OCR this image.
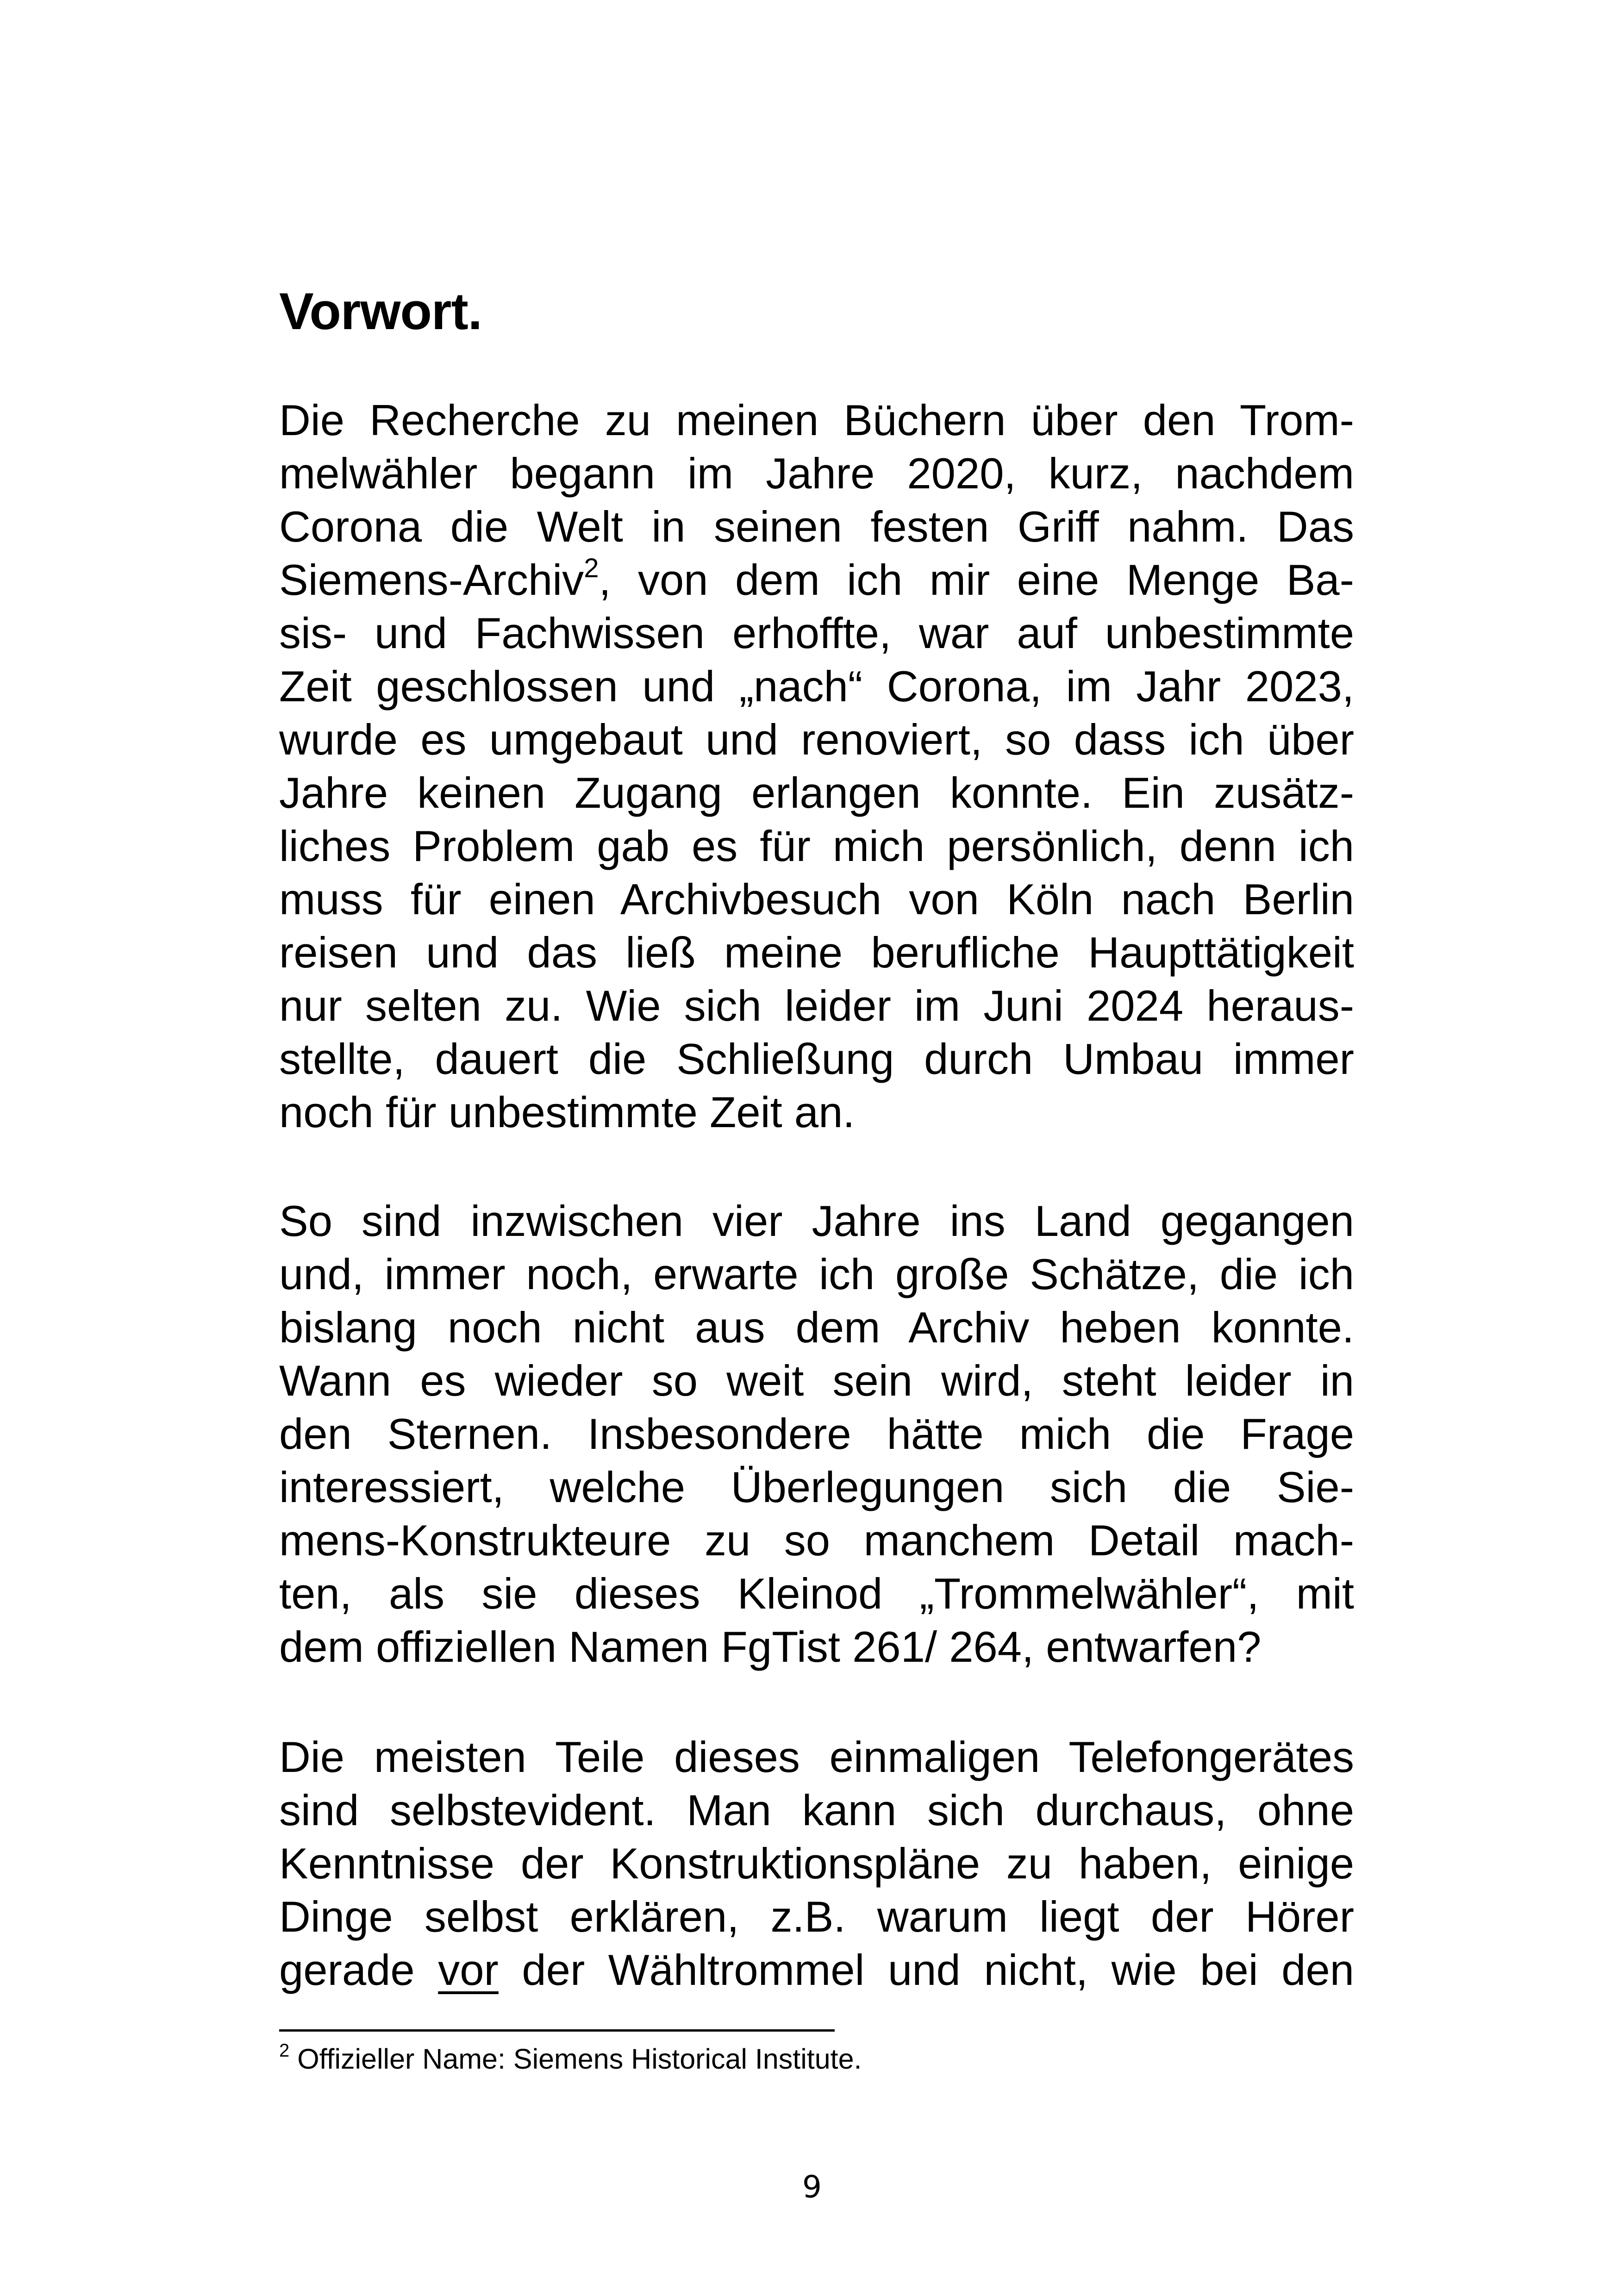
Vorwort.
Die Recherche zu meinen Büchern über den Trom-
melwähler begann im Jahre 2020, kurz, nachdem
Corona die Welt in seinen festen Griff nahm. Das
Siemens-Archiv$^2$, von dem ich mir eine Menge Ba-
sis- und Fachwissen erhoffte, war auf unbestimmte
Zeit geschlossen und „nach“ Corona, im Jahr 2023,
wurde es umgebaut und renoviert, so dass ich über
Jahre keinen Zugang erlangen konnte. Ein zusätz-
liches Problem gab es für mich persönlich, denn ich
muss für einen Archivbesuch von Köln nach Berlin
reisen und das ließ meine berufliche Haupttätigkeit
nur selten zu. Wie sich leider im Juni 2024 heraus-
stellte, dauert die Schließung durch Umbau immer
noch für unbestimmte Zeit an.
So sind inzwischen vier Jahre ins Land gegangen
und, immer noch, erwarte ich große Schätze, die ich
bislang noch nicht aus dem Archiv heben konnte.
Wann es wieder so weit sein wird, steht leider in
den Sternen. Insbesondere hätte mich die Frage
interessiert, welche Überlegungen sich die Sie-
mens-Konstrukteure zu so manchem Detail mach-
ten, als sie dieses Kleinod „Trommelwähler“, mit
dem offiziellen Namen FgTist 261/ 264, entwarfen?
Die meisten Teile dieses einmaligen Telefongerätes
sind selbstevident. Man kann sich durchaus, ohne
Kenntnisse der Konstruktionspläne zu haben, einige
Dinge selbst erklären, z.B. warum liegt der Hörer
gerade vor der Wähltrommel und nicht, wie bei den

$^2$ Offizieller Name: Siemens Historical Institute.

9
